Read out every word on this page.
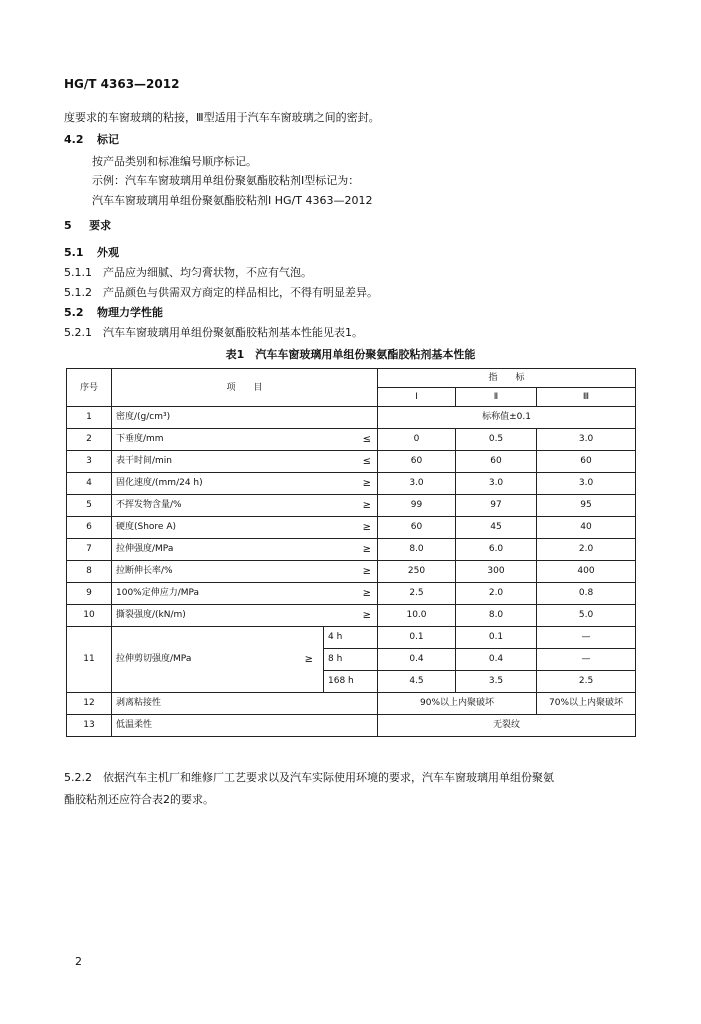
HG/T 4363—2012
度要求的车窗玻璃的粘接，Ⅲ型适用于汽车车窗玻璃之间的密封。
4.2 标记
按产品类别和标准编号顺序标记。
示例：汽车车窗玻璃用单组份聚氨酯胶粘剂Ⅰ型标记为：
汽车车窗玻璃用单组份聚氨酯胶粘剂Ⅰ HG/T 4363—2012
5 要求
5.1 外观
5.1.1　产品应为细腻、均匀膏状物，不应有气泡。
5.1.2　产品颜色与供需双方商定的样品相比，不得有明显差异。
5.2 物理力学性能
5.2.1　汽车车窗玻璃用单组份聚氨酯胶粘剂基本性能见表1。
表1　汽车车窗玻璃用单组份聚氨酯胶粘剂基本性能
序号	项　　目		指　　标		
			Ⅰ	Ⅱ	Ⅲ
1	密度/(g/cm³)		标称值±0.1		
2	下垂度/mm	≤	0	0.5	3.0
3	表干时间/min	≤	60	60	60
4	固化速度/(mm/24 h)	≥	3.0	3.0	3.0
5	不挥发物含量/%	≥	99	97	95
6	硬度(Shore A)	≥	60	45	40
7	拉伸强度/MPa	≥	8.0	6.0	2.0
8	拉断伸长率/%	≥	250	300	400
9	100%定伸应力/MPa	≥	2.5	2.0	0.8
10	撕裂强度/(kN/m)	≥	10.0	8.0	5.0
11	拉伸剪切强度/MPa ≥	4 h	0.1	0.1	—
		8 h	0.4	0.4	—
		168 h	4.5	3.5	2.5
12	剥离粘接性		90%以上内聚破坏		70%以上内聚破坏
13	低温柔性		无裂纹		
5.2.2　依据汽车主机厂和维修厂工艺要求以及汽车实际使用环境的要求，汽车车窗玻璃用单组份聚氨
酯胶粘剂还应符合表2的要求。
2
